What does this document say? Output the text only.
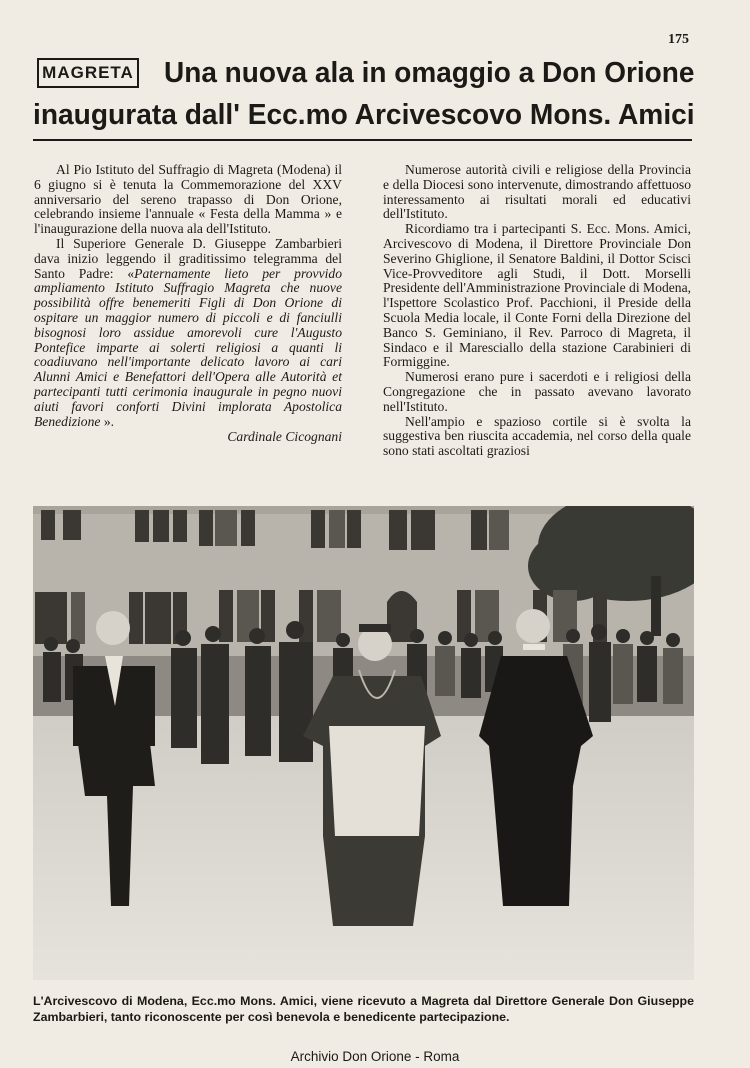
175
MAGRETA Una nuova ala in omaggio a Don Orione
inaugurata dall' Ecc.mo Arcivescovo Mons. Amici

Al Pio Istituto del Suffragio di Magreta (Modena) il 6 giugno si è tenuta la Commemorazione del XXV anniversario del sereno trapasso di Don Orione, celebrando insieme l'annuale « Festa della Mamma » e l'inaugurazione della nuova ala dell'Istituto.

Il Superiore Generale D. Giuseppe Zambarbieri dava inizio leggendo il graditissimo telegramma del Santo Padre: «Paternamente lieto per provvido ampliamento Istituto Suffragio Magreta che nuove possibilità offre benemeriti Figli di Don Orione di ospitare un maggior numero di piccoli e di fanciulli bisognosi loro assidue amorevoli cure l'Augusto Pontefice imparte ai solerti religiosi a quanti li coadiuvano nell'importante delicato lavoro ai cari Alunni Amici e Benefattori dell'Opera alle Autorità et partecipanti tutti cerimonia inaugurale in pegno nuovi aiuti favori conforti Divini implorata Apostolica Benedizione ».

Cardinale Cicognani

Numerose autorità civili e religiose della Provincia e della Diocesi sono intervenute, dimostrando affettuoso interessamento ai risultati morali ed educativi dell'Istituto.

Ricordiamo tra i partecipanti S. Ecc. Mons. Amici, Arcivescovo di Modena, il Direttore Provinciale Don Severino Ghiglione, il Senatore Baldini, il Dottor Scisci Vice-Provveditore agli Studi, il Dott. Morselli Presidente dell'Amministrazione Provinciale di Modena, l'Ispettore Scolastico Prof. Pacchioni, il Preside della Scuola Media locale, il Conte Forni della Direzione del Banco S. Geminiano, il Rev. Parroco di Magreta, il Sindaco e il Maresciallo della stazione Carabinieri di Formiggine.

Numerosi erano pure i sacerdoti e i religiosi della Congregazione che in passato avevano lavorato nell'Istituto.

Nell'ampio e spazioso cortile si è svolta la suggestiva ben riuscita accademia, nel corso della quale sono stati ascoltati graziosi

L'Arcivescovo di Modena, Ecc.mo Mons. Amici, viene ricevuto a Magreta dal Direttore Generale Don Giuseppe Zambarbieri, tanto riconoscente per così benevola e benedicente partecipazione.
Archivio Don Orione - Roma
